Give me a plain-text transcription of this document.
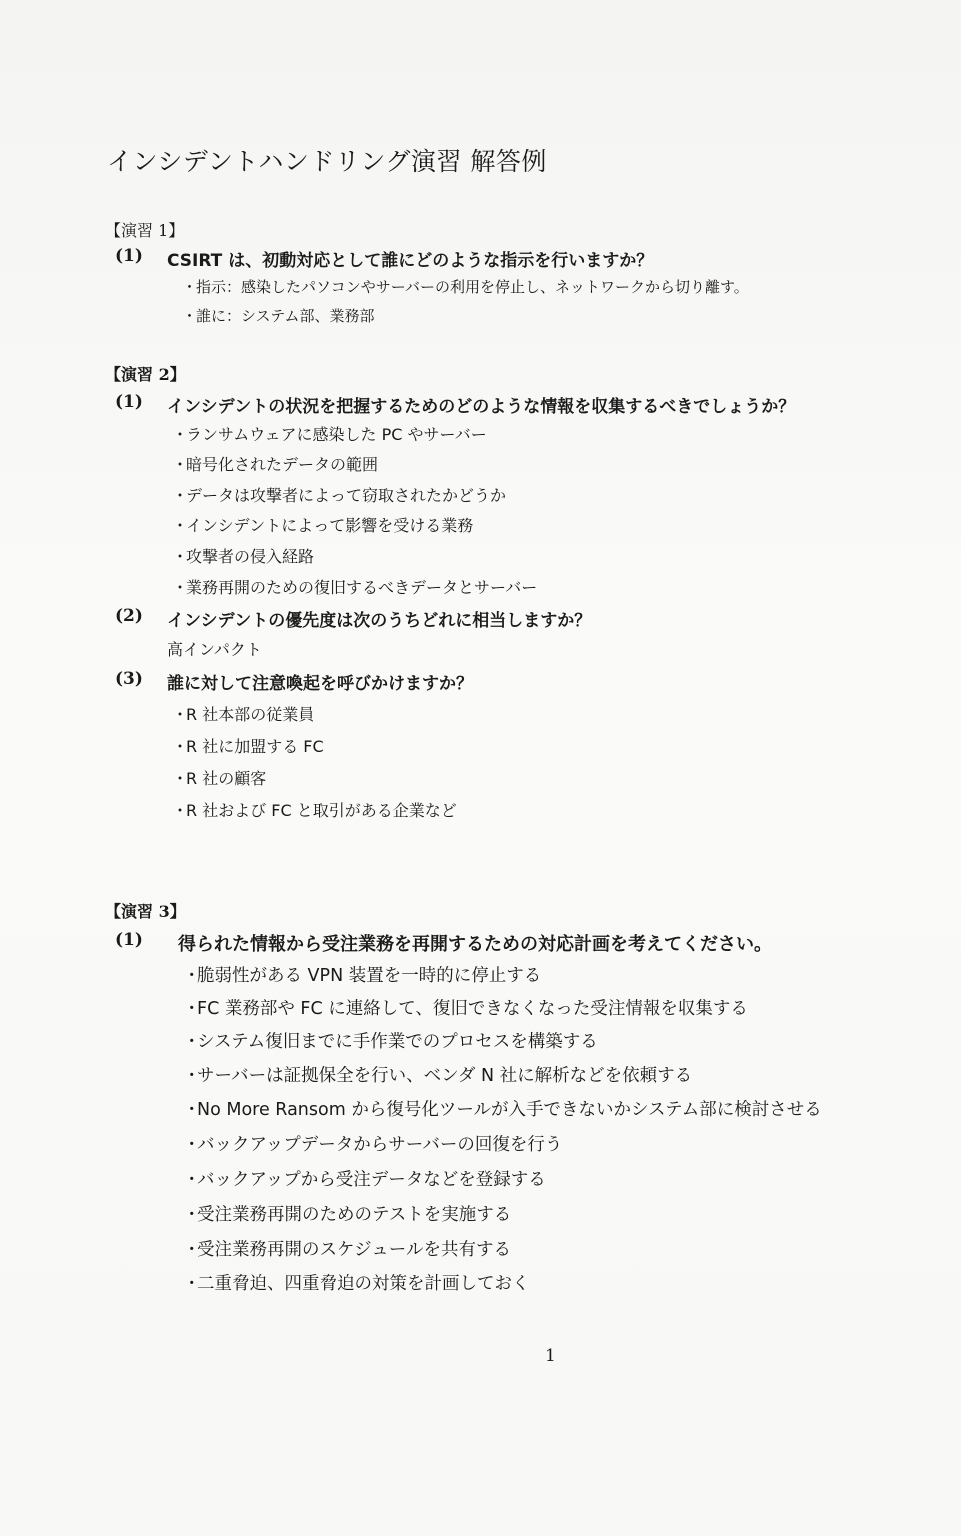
インシデントハンドリング演習 解答例
【演習 1】
(1) CSIRT は、初動対応として誰にどのような指示を行いますか？
・指示：感染したパソコンやサーバーの利用を停止し、ネットワークから切り離す。
・誰に：システム部、業務部
【演習 2】
(1) インシデントの状況を把握するためのどのような情報を収集するべきでしょうか？
・ランサムウェアに感染した PC やサーバー
・暗号化されたデータの範囲
・データは攻撃者によって窃取されたかどうか
・インシデントによって影響を受ける業務
・攻撃者の侵入経路
・業務再開のための復旧するべきデータとサーバー
(2) インシデントの優先度は次のうちどれに相当しますか？
高インパクト
(3) 誰に対して注意喚起を呼びかけますか？
・R 社本部の従業員
・R 社に加盟する FC
・R 社の顧客
・R 社および FC と取引がある企業など
【演習 3】
(1) 得られた情報から受注業務を再開するための対応計画を考えてください。
・脆弱性がある VPN 装置を一時的に停止する
・FC 業務部や FC に連絡して、復旧できなくなった受注情報を収集する
・システム復旧までに手作業でのプロセスを構築する
・サーバーは証拠保全を行い、ベンダ N 社に解析などを依頼する
・No More Ransom から復号化ツールが入手できないかシステム部に検討させる
・バックアップデータからサーバーの回復を行う
・バックアップから受注データなどを登録する
・受注業務再開のためのテストを実施する
・受注業務再開のスケジュールを共有する
・二重脅迫、四重脅迫の対策を計画しておく
1
